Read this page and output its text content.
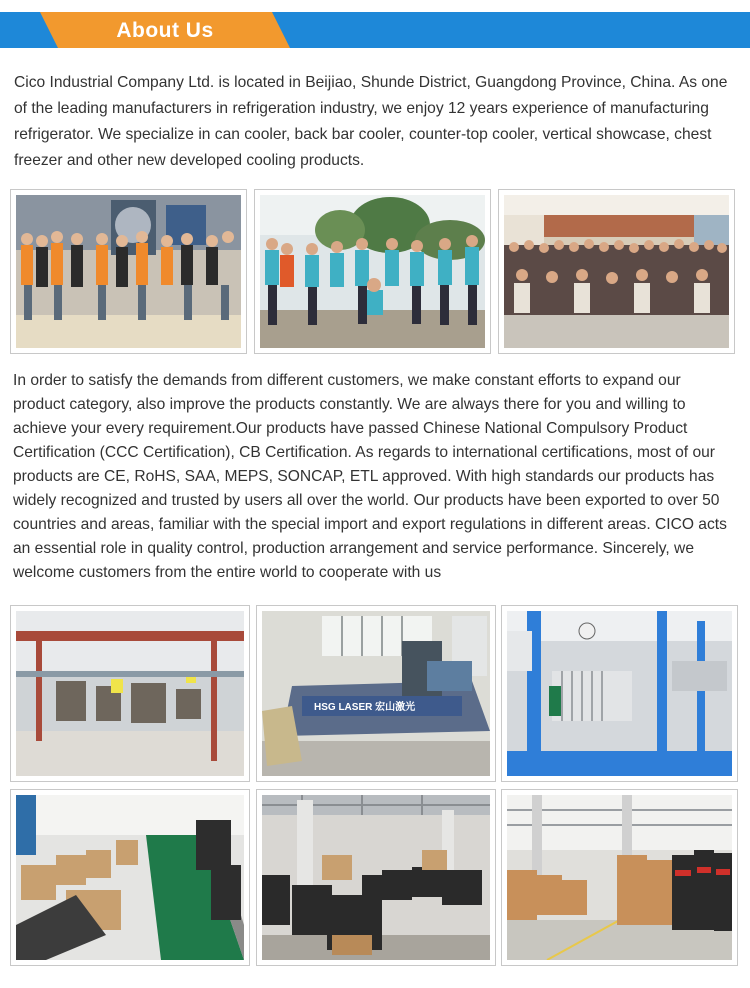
About Us

Cico Industrial Company Ltd. is located in Beijiao, Shunde District, Guangdong Province, China. As one of the leading manufacturers in refrigeration industry, we enjoy 12 years experience of manufacturing refrigerator. We specialize in can cooler, back bar cooler, counter-top cooler, vertical showcase, chest freezer and other new developed cooling products.

In order to satisfy the demands from different customers, we make constant efforts to expand our product category, also improve the products constantly. We are always there for you and willing to achieve your every requirement.Our products have passed Chinese National Compulsory Product Certification (CCC Certification), CB Certification. As regards to international certifications, most of our products are CE, RoHS, SAA, MEPS, SONCAP, ETL approved. With high standards our products has widely recognized and trusted by users all over the world. Our products have been exported to over 50 countries and areas, familiar with the special import and export regulations in different areas. CICO acts an essential role in quality control, production arrangement and service performance. Sincerely, we welcome customers from the entire world to cooperate with us

HSG LASER 宏山激光
